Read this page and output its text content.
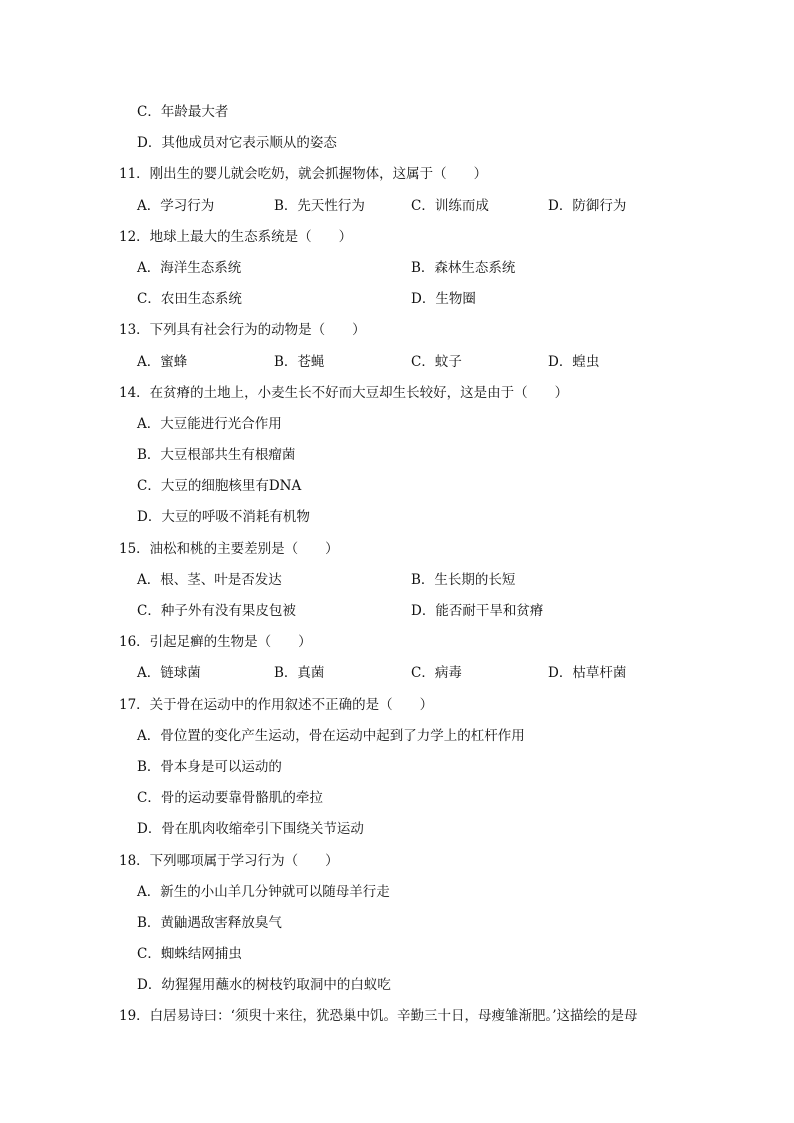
C．年龄最大者
D．其他成员对它表示顺从的姿态
11．刚出生的婴儿就会吃奶，就会抓握物体，这属于（　　）
A．学习行为	B．先天性行为	C．训练而成	D．防御行为
12．地球上最大的生态系统是（　　）
A．海洋生态系统	B．森林生态系统
C．农田生态系统	D．生物圈
13．下列具有社会行为的动物是（　　）
A．蜜蜂	B．苍蝇	C．蚊子	D．蝗虫
14．在贫瘠的土地上，小麦生长不好而大豆却生长较好，这是由于（　　）
A．大豆能进行光合作用
B．大豆根部共生有根瘤菌
C．大豆的细胞核里有DNA
D．大豆的呼吸不消耗有机物
15．油松和桃的主要差别是（　　）
A．根、茎、叶是否发达	B．生长期的长短
C．种子外有没有果皮包被	D．能否耐干旱和贫瘠
16．引起足癣的生物是（　　）
A．链球菌	B．真菌	C．病毒	D．枯草杆菌
17．关于骨在运动中的作用叙述不正确的是（　　）
A．骨位置的变化产生运动，骨在运动中起到了力学上的杠杆作用
B．骨本身是可以运动的
C．骨的运动要靠骨骼肌的牵拉
D．骨在肌肉收缩牵引下围绕关节运动
18．下列哪项属于学习行为（　　）
A．新生的小山羊几分钟就可以随母羊行走
B．黄鼬遇敌害释放臭气
C．蜘蛛结网捕虫
D．幼猩猩用蘸水的树枝钓取洞中的白蚁吃
19．白居易诗曰：‘须臾十来往，犹恐巢中饥。辛勤三十日，母瘦雏渐肥。’这描绘的是母
